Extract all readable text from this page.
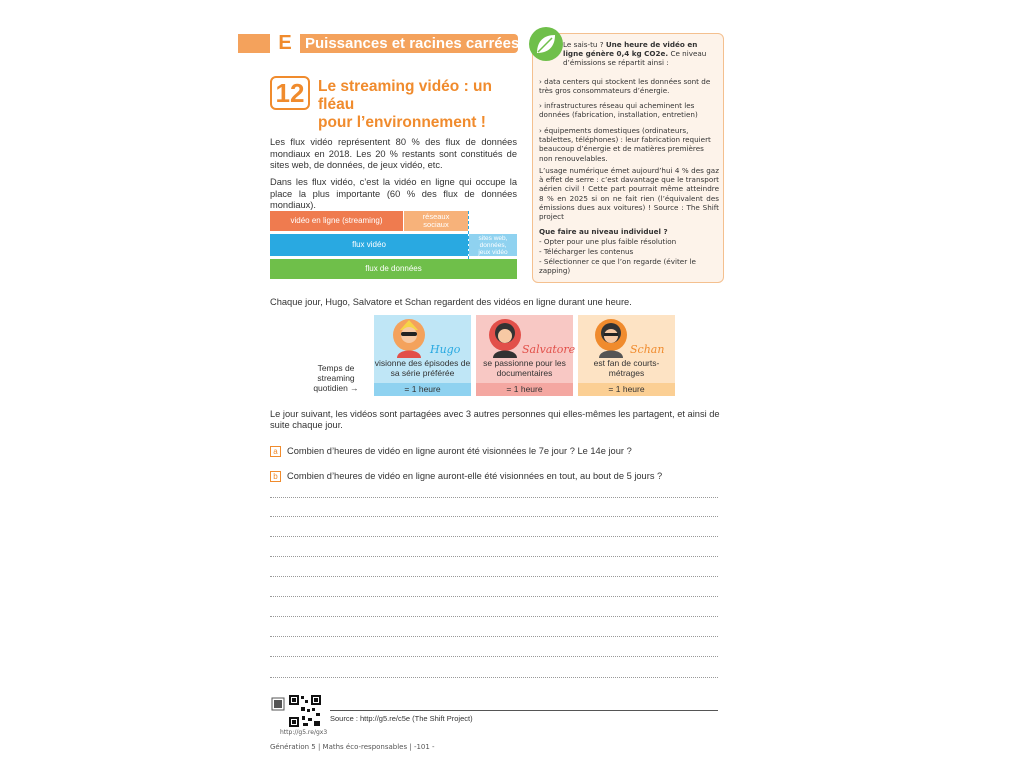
E Puissances et racines carrées
12 Le streaming vidéo : un fléau
pour l’environnement !
Les flux vidéo représentent 80 % des flux de données mondiaux en 2018. Les 20 % restants sont constitués de sites web, de données, de jeux vidéo, etc.
Dans les flux vidéo, c’est la vidéo en ligne qui occupe la place la plus importante (60 % des flux de données mondiaux).
vidéo en ligne (streaming)	réseaux sociaux
flux vidéo
sites web, données, jeux vidéo
flux de données
Le sais-tu ? Une heure de vidéo en ligne génère 0,4 kg CO2e. Ce niveau d’émissions se répartit ainsi :
› data centers qui stockent les données sont de très gros consommateurs d’énergie.
› infrastructures réseau qui acheminent les données (fabrication, installation, entretien)
› équipements domestiques (ordinateurs, tablettes, téléphones) : leur fabrication requiert beaucoup d’énergie et de matières premières non renouvelables.
L’usage numérique émet aujourd’hui 4 % des gaz à effet de serre : c’est davantage que le transport aérien civil ! Cette part pourrait même atteindre 8 % en 2025 si on ne fait rien (l’équivalent des émissions dues aux voitures) ! Source : The Shift project
Que faire au niveau individuel ?
- Opter pour une plus faible résolution
- Télécharger les contenus
- Sélectionner ce que l’on regarde (éviter le zapping)
Chaque jour, Hugo, Salvatore et Schan regardent des vidéos en ligne durant une heure.
Temps de streaming quotidien →
Hugo
visionne des épisodes de sa série préférée
= 1 heure
Salvatore
se passionne pour les documentaires
= 1 heure
Schan
est fan de courts-métrages
= 1 heure
Le jour suivant, les vidéos sont partagées avec 3 autres personnes qui elles-mêmes les partagent, et ainsi de suite chaque jour.
a Combien d’heures de vidéo en ligne auront été visionnées le 7e jour ? Le 14e jour ?
b Combien d’heures de vidéo en ligne auront-elle été visionnées en tout, au bout de 5 jours ?
http://g5.re/gx3
Source : http://g5.re/c5e (The Shift Project)
Génération 5 | Maths éco-responsables | -101 -
